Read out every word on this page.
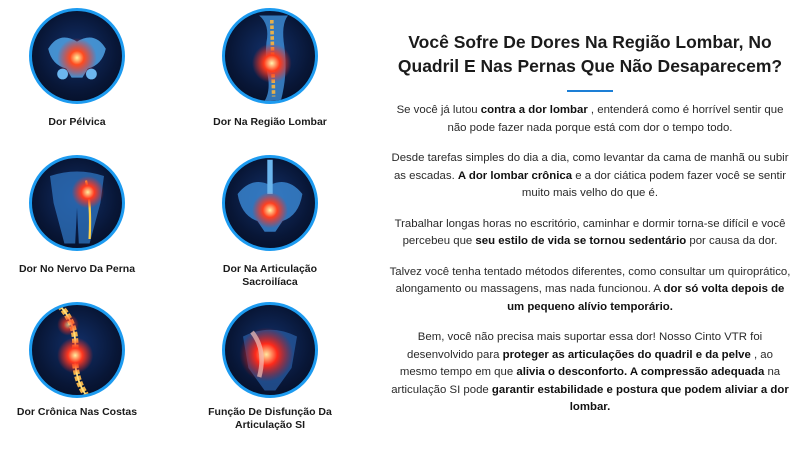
Dor Pélvica	Dor Na Região Lombar
Dor No Nervo Da Perna	Dor Na Articulação Sacroilíaca
Dor Crônica Nas Costas	Função De Disfunção Da Articulação SI
Você Sofre De Dores Na Região Lombar, No Quadril E Nas Pernas Que Não Desaparecem?

Se você já lutou contra a dor lombar , entenderá como é horrível sentir que não pode fazer nada porque está com dor o tempo todo.

Desde tarefas simples do dia a dia, como levantar da cama de manhã ou subir as escadas. A dor lombar crônica e a dor ciática podem fazer você se sentir muito mais velho do que é.

Trabalhar longas horas no escritório, caminhar e dormir torna-se difícil e você percebeu que seu estilo de vida se tornou sedentário por causa da dor.

Talvez você tenha tentado métodos diferentes, como consultar um quiroprático, alongamento ou massagens, mas nada funcionou. A dor só volta depois de um pequeno alívio temporário.

Bem, você não precisa mais suportar essa dor! Nosso Cinto VTR foi desenvolvido para proteger as articulações do quadril e da pelve , ao mesmo tempo em que alivia o desconforto. A compressão adequada na articulação SI pode garantir estabilidade e postura que podem aliviar a dor lombar.
